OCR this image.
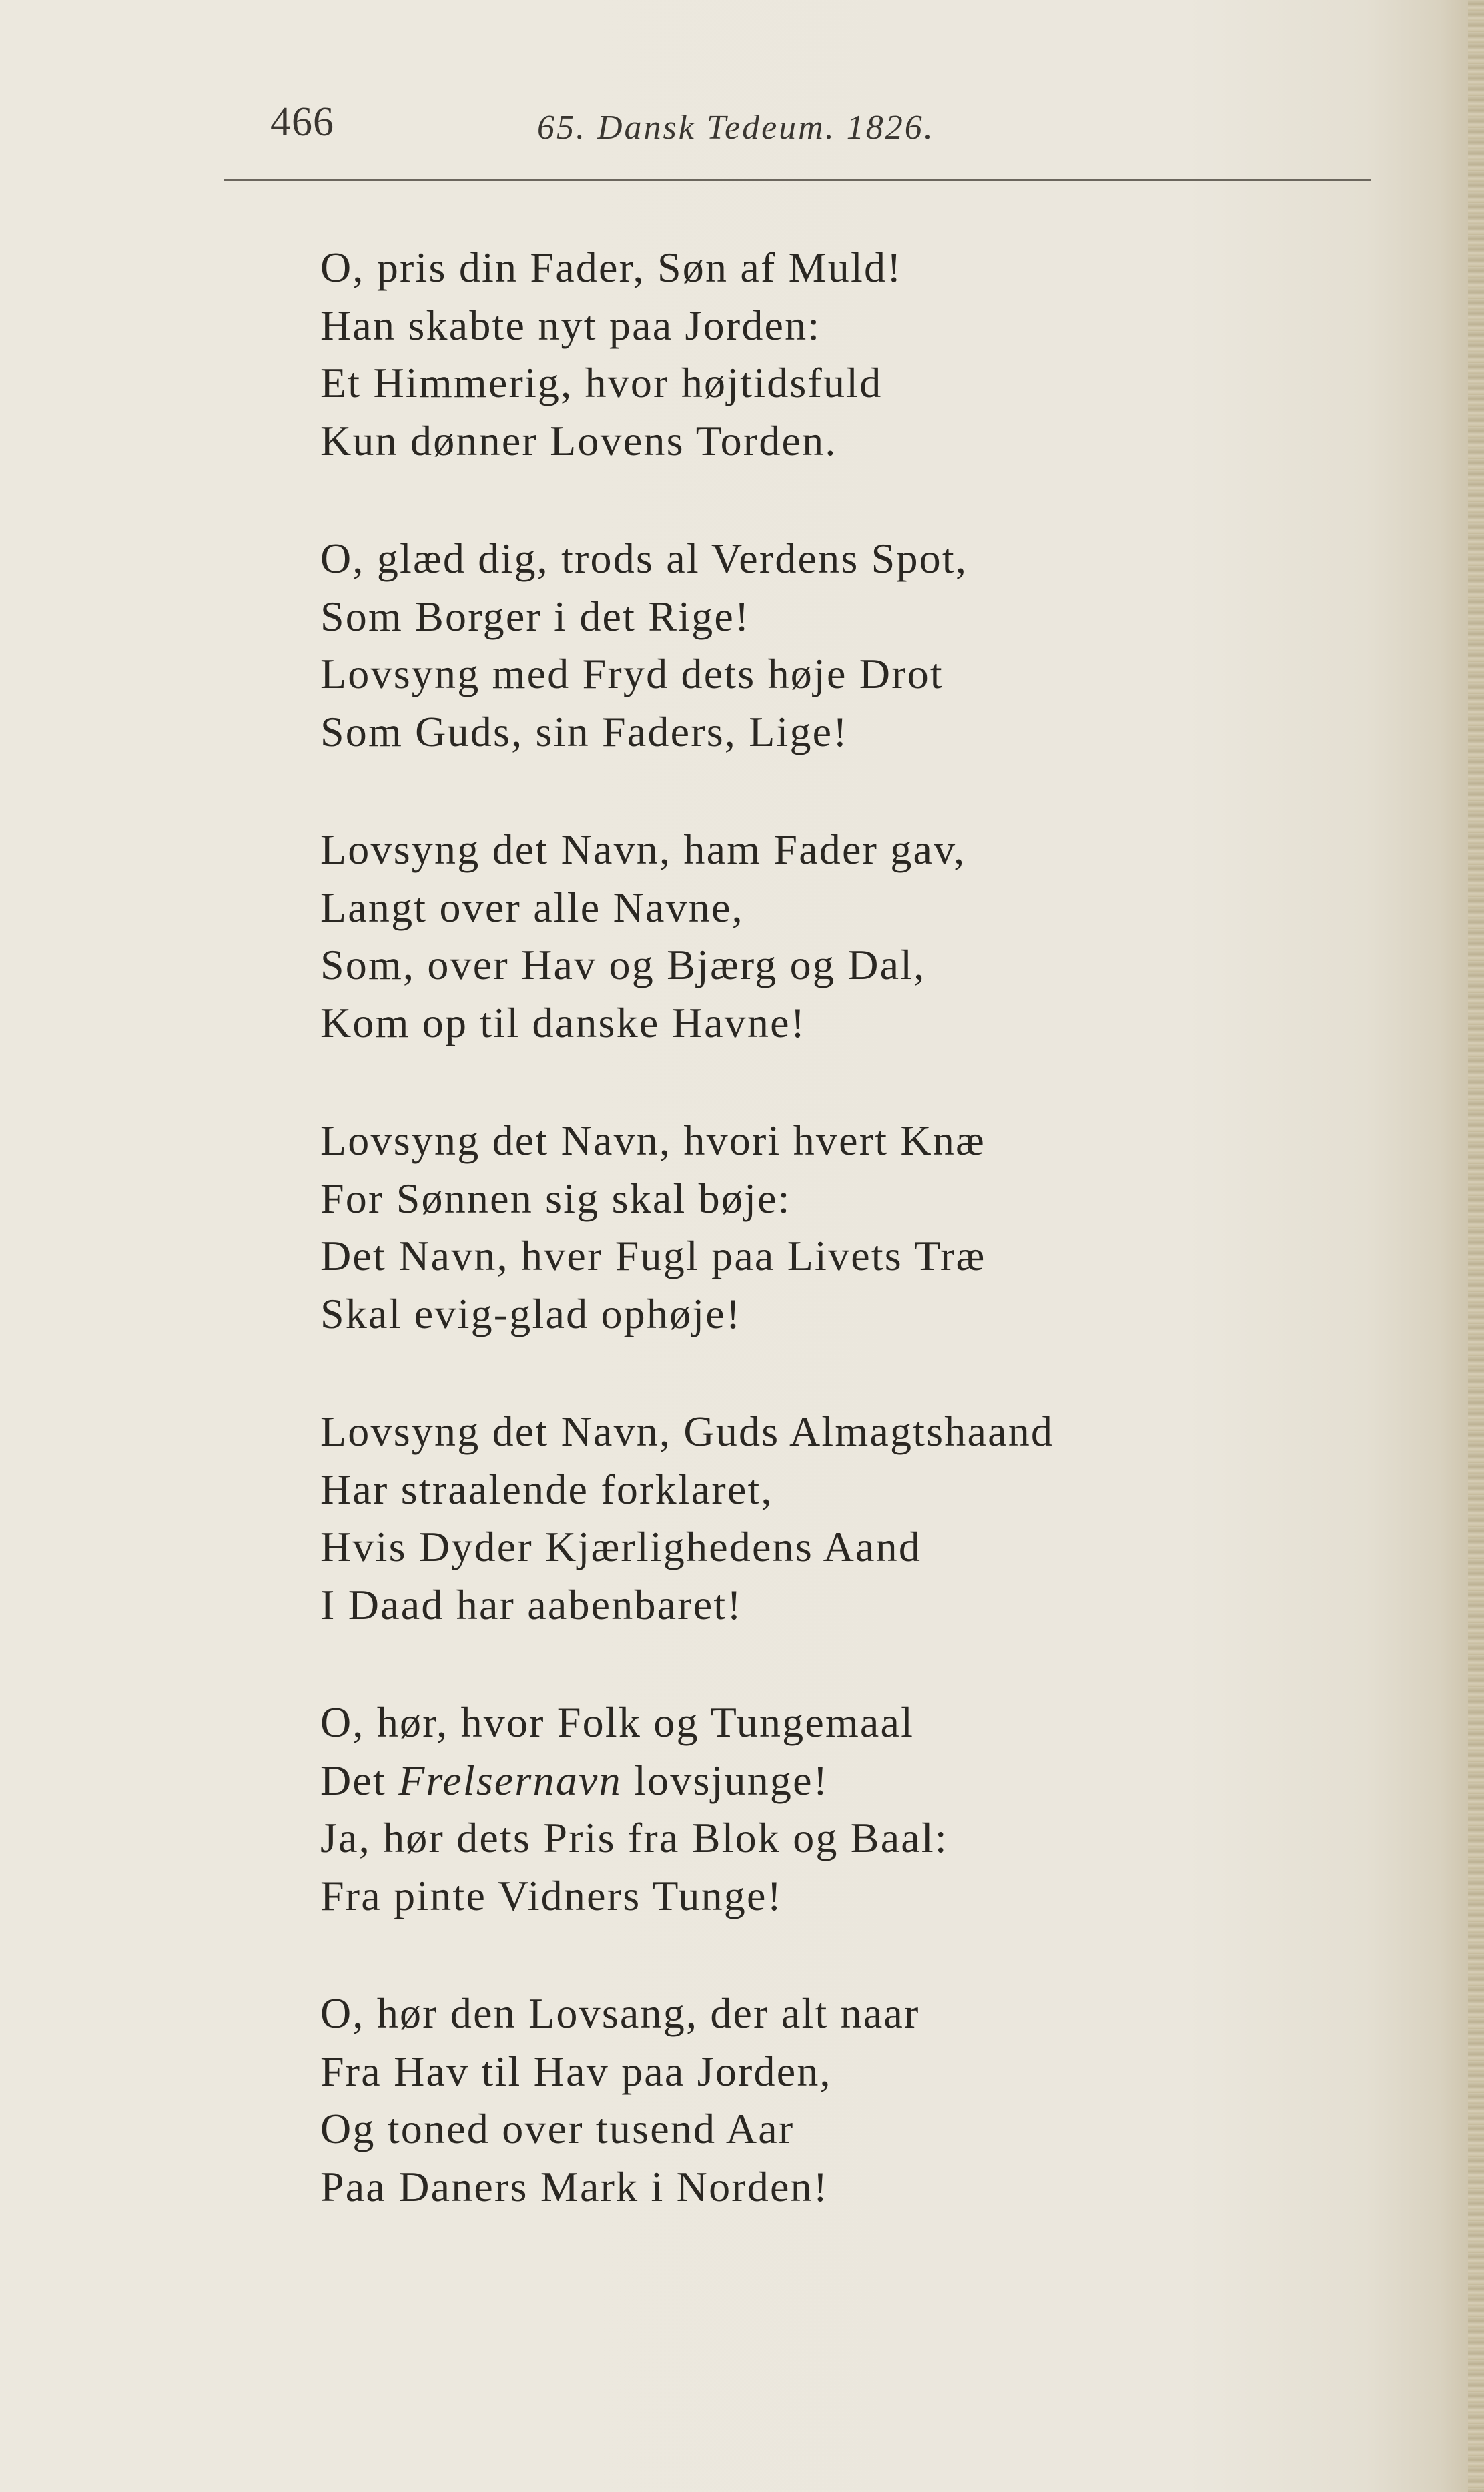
466	65. Dansk Tedeum. 1826.
O, pris din Fader, Søn af Muld!
Han skabte nyt paa Jorden:
Et Himmerig, hvor højtidsfuld
Kun dønner Lovens Torden.
O, glæd dig, trods al Verdens Spot,
Som Borger i det Rige!
Lovsyng med Fryd dets høje Drot
Som Guds, sin Faders, Lige!
Lovsyng det Navn, ham Fader gav,
Langt over alle Navne,
Som, over Hav og Bjærg og Dal,
Kom op til danske Havne!
Lovsyng det Navn, hvori hvert Knæ
For Sønnen sig skal bøje:
Det Navn, hver Fugl paa Livets Træ
Skal evig-glad ophøje!
Lovsyng det Navn, Guds Almagtshaand
Har straalende forklaret,
Hvis Dyder Kjærlighedens Aand
I Daad har aabenbaret!
O, hør, hvor Folk og Tungemaal
Det Frelsernavn lovsjunge!
Ja, hør dets Pris fra Blok og Baal:
Fra pinte Vidners Tunge!
O, hør den Lovsang, der alt naar
Fra Hav til Hav paa Jorden,
Og toned over tusend Aar
Paa Daners Mark i Norden!
